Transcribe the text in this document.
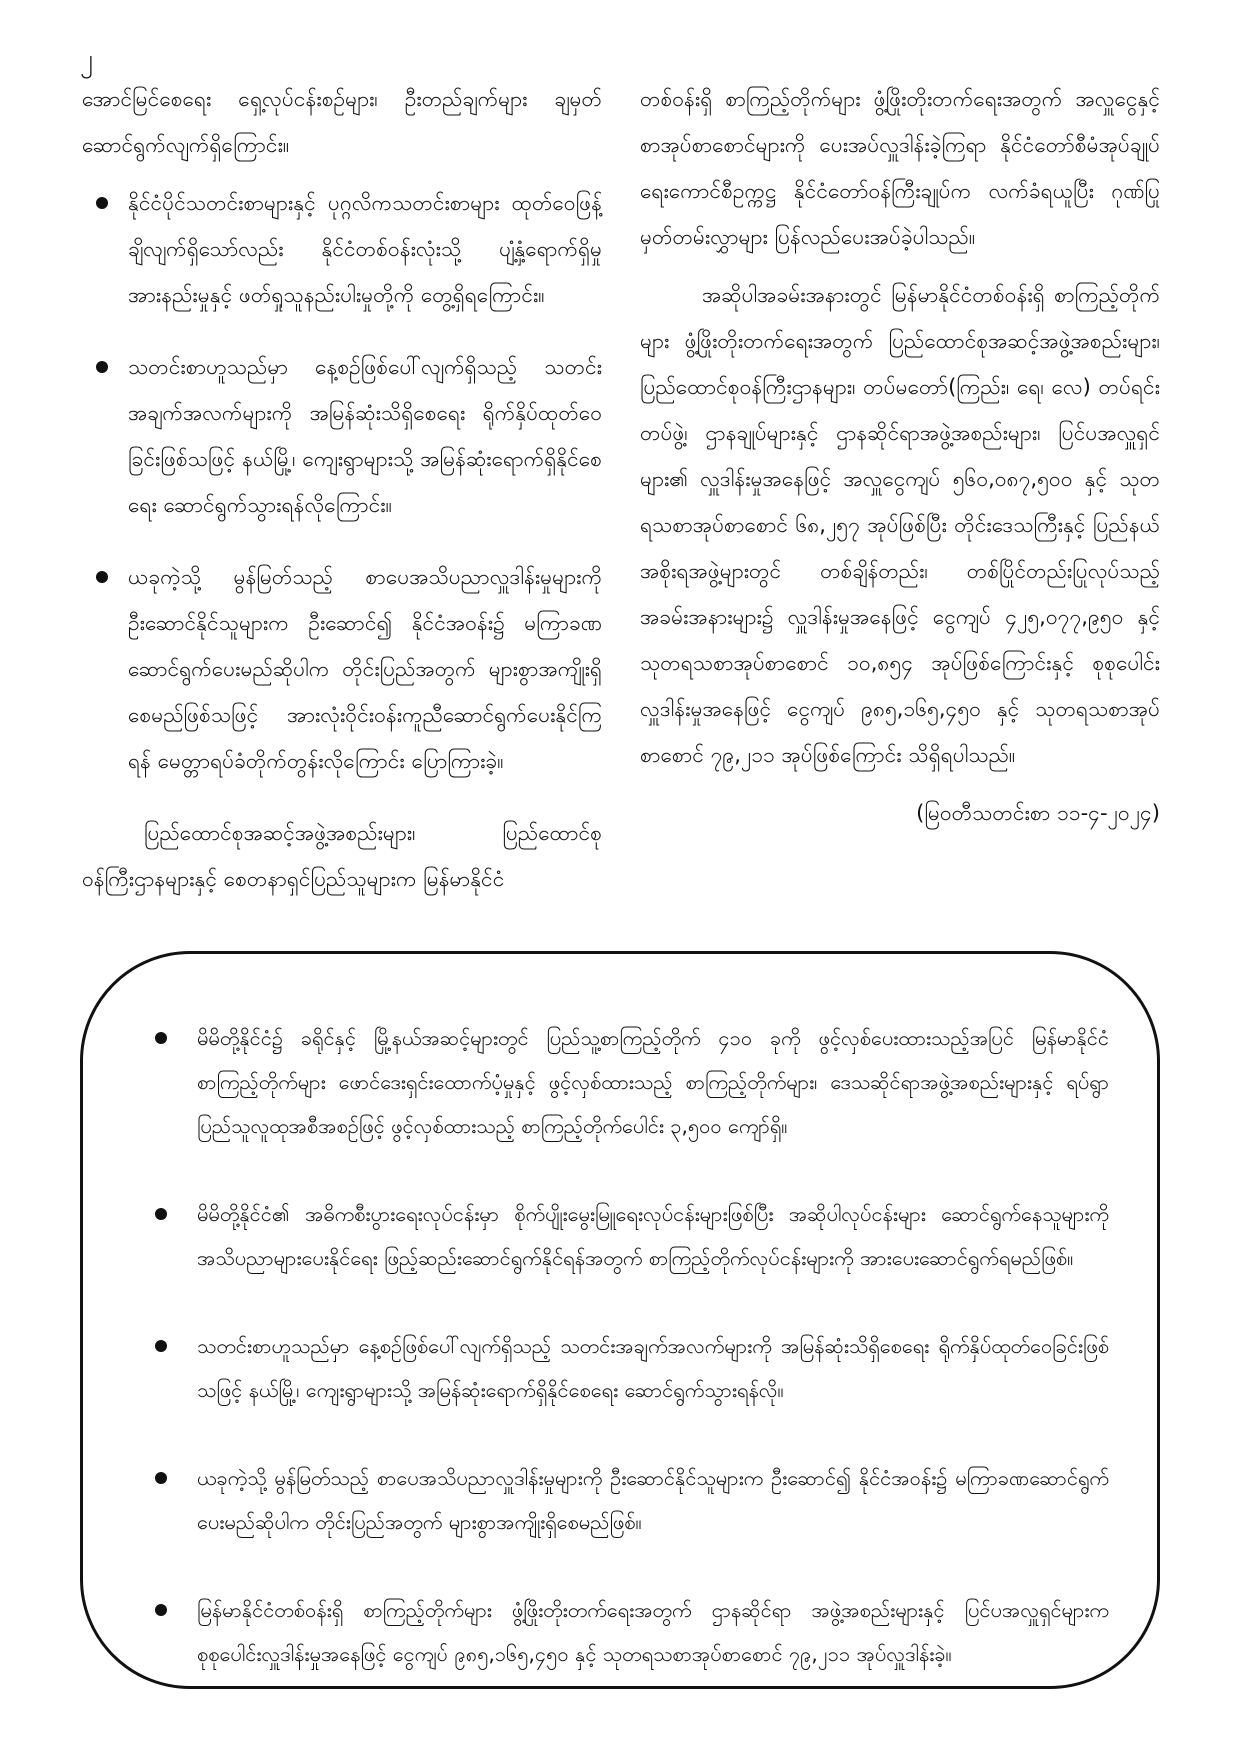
၂

အောင်မြင်စေရေး ရှေ့လုပ်ငန်းစဉ်များ၊ ဦးတည်ချက်များ ချမှတ်ဆောင်ရွက်လျက်ရှိကြောင်း။

နိုင်ငံပိုင်သတင်းစာများနှင့် ပုဂ္ဂလိကသတင်းစာများ ထုတ်ဝေဖြန့်ချိလျက်ရှိသော်လည်း နိုင်ငံတစ်ဝန်းလုံးသို့ ပျံ့နှံ့ရောက်ရှိမှုအားနည်းမှုနှင့် ဖတ်ရှုသူနည်းပါးမှုတို့ကို တွေ့ရှိရကြောင်း။
သတင်းစာဟူသည်မှာ နေ့စဉ်ဖြစ်ပေါ်လျက်ရှိသည့် သတင်းအချက်အလက်များကို အမြန်ဆုံးသိရှိစေရေး ရိုက်နှိပ်ထုတ်ဝေခြင်းဖြစ်သဖြင့် နယ်မြို့၊ ကျေးရွာများသို့ အမြန်ဆုံးရောက်ရှိနိုင်စေရေး ဆောင်ရွက်သွားရန်လိုကြောင်း။
ယခုကဲ့သို့ မွန်မြတ်သည့် စာပေအသိပညာလှူဒါန်းမှုများကို ဦးဆောင်နိုင်သူများက ဦးဆောင်၍ နိုင်ငံအဝန်း၌ မကြာခဏဆောင်ရွက်ပေးမည်ဆိုပါက တိုင်းပြည်အတွက် များစွာအကျိုးရှိစေမည်ဖြစ်သဖြင့် အားလုံးဝိုင်းဝန်းကူညီဆောင်ရွက်ပေးနိုင်ကြရန် မေတ္တာရပ်ခံတိုက်တွန်းလိုကြောင်း ပြောကြားခဲ့။

ပြည်ထောင်စုအဆင့်အဖွဲ့အစည်းများ၊ ပြည်ထောင်စုဝန်ကြီးဌာနများနှင့် စေတနာရှင်ပြည်သူများက မြန်မာနိုင်ငံ

တစ်ဝန်းရှိ စာကြည့်တိုက်များ ဖွံ့ဖြိုးတိုးတက်ရေးအတွက် အလှူငွေနှင့် စာအုပ်စာစောင်များကို ပေးအပ်လှူဒါန်းခဲ့ကြရာ နိုင်ငံတော်စီမံအုပ်ချုပ်ရေးကောင်စီဥက္ကဋ္ဌ နိုင်ငံတော်ဝန်ကြီးချုပ်က လက်ခံရယူပြီး ဂုဏ်ပြုမှတ်တမ်းလွှာများ ပြန်လည်ပေးအပ်ခဲ့ပါသည်။

အဆိုပါအခမ်းအနားတွင် မြန်မာနိုင်ငံတစ်ဝန်းရှိ စာကြည့်တိုက်များ ဖွံ့ဖြိုးတိုးတက်ရေးအတွက် ပြည်ထောင်စုအဆင့်အဖွဲ့အစည်းများ၊ ပြည်ထောင်စုဝန်ကြီးဌာနများ၊ တပ်မတော်(ကြည်း၊ ရေ၊ လေ) တပ်ရင်းတပ်ဖွဲ့၊ ဌာနချုပ်များနှင့် ဌာနဆိုင်ရာအဖွဲ့အစည်းများ၊ ပြင်ပအလှူရှင်များ၏ လှူဒါန်းမှုအနေဖြင့် အလှူငွေကျပ် ၅၆၀,၀၈၇,၅၀၀ နှင့် သုတရသစာအုပ်စာစောင် ၆၈,၂၅၇ အုပ်ဖြစ်ပြီး တိုင်းဒေသကြီးနှင့် ပြည်နယ်အစိုးရအဖွဲ့များတွင် တစ်ချိန်တည်း၊ တစ်ပြိုင်တည်းပြုလုပ်သည့် အခမ်းအနားများ၌ လှူဒါန်းမှုအနေဖြင့် ငွေကျပ် ၄၂၅,၀၇၇,၉၅၀ နှင့် သုတရသစာအုပ်စာစောင် ၁၀,၈၅၄ အုပ်ဖြစ်ကြောင်းနှင့် စုစုပေါင်းလှူဒါန်းမှုအနေဖြင့် ငွေကျပ် ၉၈၅,၁၆၅,၄၅၀ နှင့် သုတရသစာအုပ်စာစောင် ၇၉,၂၁၁ အုပ်ဖြစ်ကြောင်း သိရှိရပါသည်။

(မြဝတီသတင်းစာ ၁၁-၄-၂၀၂၄)

မိမိတို့နိုင်ငံ၌ ခရိုင်နှင့် မြို့နယ်အဆင့်များတွင် ပြည်သူ့စာကြည့်တိုက် ၄၁၀ ခုကို ဖွင့်လှစ်ပေးထားသည့်အပြင် မြန်မာနိုင်ငံစာကြည့်တိုက်များ ဖောင်ဒေးရှင်းထောက်ပံ့မှုနှင့် ဖွင့်လှစ်ထားသည့် စာကြည့်တိုက်များ၊ ဒေသဆိုင်ရာအဖွဲ့အစည်းများနှင့် ရပ်ရွာပြည်သူလူထုအစီအစဉ်ဖြင့် ဖွင့်လှစ်ထားသည့် စာကြည့်တိုက်ပေါင်း ၃,၅၀၀ ကျော်ရှိ။
မိမိတို့နိုင်ငံ၏ အဓိကစီးပွားရေးလုပ်ငန်းမှာ စိုက်ပျိုးမွေးမြူရေးလုပ်ငန်းများဖြစ်ပြီး အဆိုပါလုပ်ငန်းများ ဆောင်ရွက်နေသူများကို အသိပညာများပေးနိုင်ရေး ဖြည့်ဆည်းဆောင်ရွက်နိုင်ရန်အတွက် စာကြည့်တိုက်လုပ်ငန်းများကို အားပေးဆောင်ရွက်ရမည်ဖြစ်။
သတင်းစာဟူသည်မှာ နေ့စဉ်ဖြစ်ပေါ်လျက်ရှိသည့် သတင်းအချက်အလက်များကို အမြန်ဆုံးသိရှိစေရေး ရိုက်နှိပ်ထုတ်ဝေခြင်းဖြစ်သဖြင့် နယ်မြို့၊ ကျေးရွာများသို့ အမြန်ဆုံးရောက်ရှိနိုင်စေရေး ဆောင်ရွက်သွားရန်လို။
ယခုကဲ့သို့ မွန်မြတ်သည့် စာပေအသိပညာလှူဒါန်းမှုများကို ဦးဆောင်နိုင်သူများက ဦးဆောင်၍ နိုင်ငံအဝန်း၌ မကြာခဏဆောင်ရွက်ပေးမည်ဆိုပါက တိုင်းပြည်အတွက် များစွာအကျိုးရှိစေမည်ဖြစ်။
မြန်မာနိုင်ငံတစ်ဝန်းရှိ စာကြည့်တိုက်များ ဖွံ့ဖြိုးတိုးတက်ရေးအတွက် ဌာနဆိုင်ရာ အဖွဲ့အစည်းများနှင့် ပြင်ပအလှူရှင်များက စုစုပေါင်းလှူဒါန်းမှုအနေဖြင့် ငွေကျပ် ၉၈၅,၁၆၅,၄၅၀ နှင့် သုတရသစာအုပ်စာစောင် ၇၉,၂၁၁ အုပ်လှူဒါန်းခဲ့။
